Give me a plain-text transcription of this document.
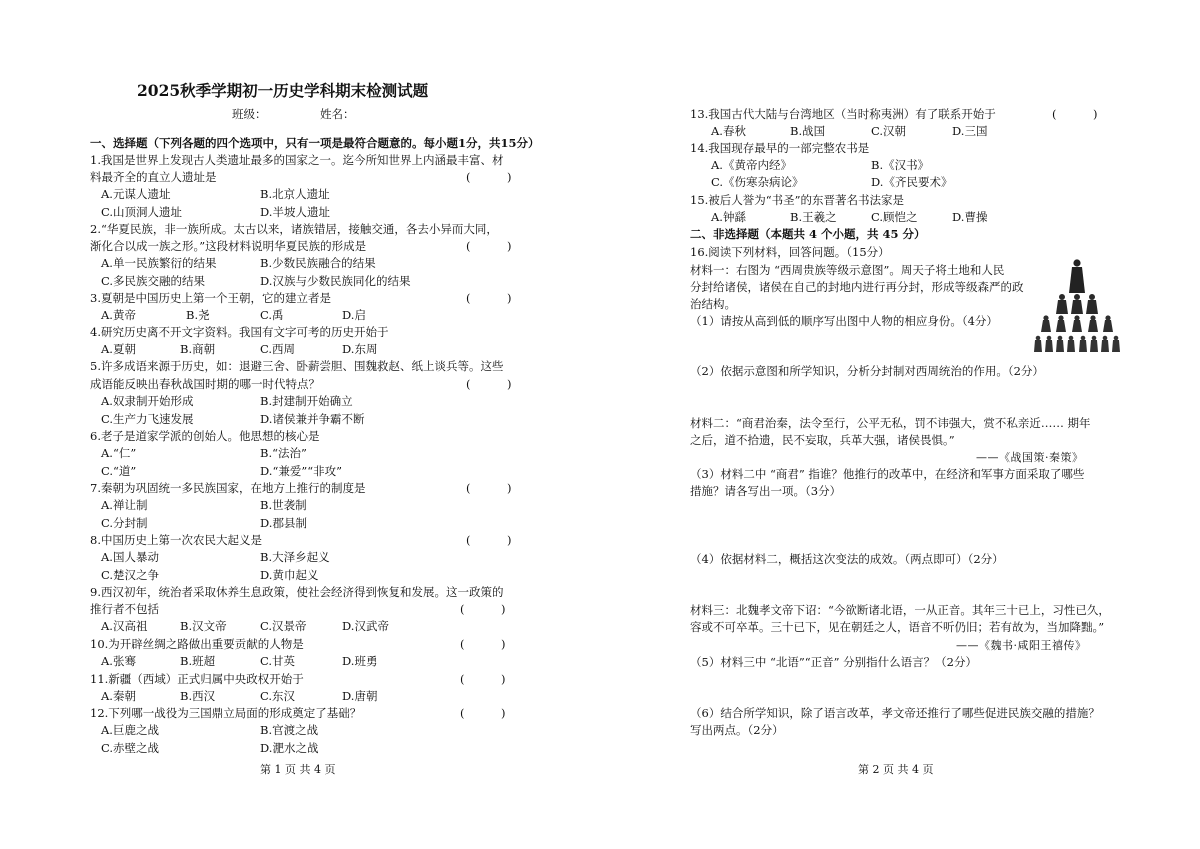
2025秋季学期初一历史学科期末检测试题
班级：	姓名：
一、选择题（下列各题的四个选项中，只有一项是最符合题意的。每小题1分，共15分）
1.我国是世界上发现古人类遗址最多的国家之一。迄今所知世界上内涵最丰富、材
料最齐全的直立人遗址是	(          )
A.元谋人遗址	B.北京人遗址
C.山顶洞人遗址	D.半坡人遗址
2.“华夏民族，非一族所成。太古以来，诸族错居，接触交通，各去小异而大同，
渐化合以成一族之形。”这段材料说明华夏民族的形成是	(          )
A.单一民族繁衍的结果	B.少数民族融合的结果
C.多民族交融的结果	D.汉族与少数民族同化的结果
3.夏朝是中国历史上第一个王朝，它的建立者是	(          )
A.黄帝	B.尧	C.禹	D.启
4.研究历史离不开文字资料。我国有文字可考的历史开始于
A.夏朝	B.商朝	C.西周	D.东周
5.许多成语来源于历史，如：退避三舍、卧薪尝胆、围魏救赵、纸上谈兵等。这些
成语能反映出春秋战国时期的哪一时代特点？	(          )
A.奴隶制开始形成	B.封建制开始确立
C.生产力飞速发展	D.诸侯兼并争霸不断
6.老子是道家学派的创始人。他思想的核心是
A.“仁”	B.“法治”
C.“道”	D.“兼爱”“非攻”
7.秦朝为巩固统一多民族国家，在地方上推行的制度是	(          )
A.禅让制	B.世袭制
C.分封制	D.郡县制
8.中国历史上第一次农民大起义是	(          )
A.国人暴动	B.大泽乡起义
C.楚汉之争	D.黄巾起义
9.西汉初年，统治者采取休养生息政策，使社会经济得到恢复和发展。这一政策的
推行者不包括	(          )
A.汉高祖	B.汉文帝	C.汉景帝	D.汉武帝
10.为开辟丝绸之路做出重要贡献的人物是	(          )
A.张骞	B.班超	C.甘英	D.班勇
11.新疆（西域）正式归属中央政权开始于	(          )
A.秦朝	B.西汉	C.东汉	D.唐朝
12.下列哪一战役为三国鼎立局面的形成奠定了基础？	(          )
A.巨鹿之战	B.官渡之战
C.赤壁之战	D.淝水之战
第 1 页 共 4 页
13.我国古代大陆与台湾地区（当时称夷洲）有了联系开始于	(          )
A.春秋	B.战国	C.汉朝	D.三国
14.我国现存最早的一部完整农书是
A.《黄帝内经》	B.《汉书》
C.《伤寒杂病论》	D.《齐民要术》
15.被后人誉为“书圣”的东晋著名书法家是
A.钟繇	B.王羲之	C.顾恺之	D.曹操
二、非选择题（本题共 4 个小题，共 45 分）
16.阅读下列材料，回答问题。（15分）
材料一：右图为 “西周贵族等级示意图”。周天子将土地和人民
分封给诸侯，诸侯在自己的封地内进行再分封，形成等级森严的政
治结构。
（1）请按从高到低的顺序写出图中人物的相应身份。（4分）
（2）依据示意图和所学知识，分析分封制对西周统治的作用。（2分）
材料二：“商君治秦，法令至行，公平无私，罚不讳强大，赏不私亲近…… 期年
之后，道不拾遗，民不妄取，兵革大强，诸侯畏惧。”
——《战国策·秦策》
（3）材料二中 “商君” 指谁？他推行的改革中，在经济和军事方面采取了哪些
措施？请各写出一项。（3分）
（4）依据材料二，概括这次变法的成效。（两点即可）（2分）
材料三：北魏孝文帝下诏：“今欲断诸北语，一从正音。其年三十已上，习性已久，
容或不可卒革。三十已下，见在朝廷之人，语音不听仍旧；若有故为，当加降黜。”
——《魏书·咸阳王禧传》
（5）材料三中 “北语”“正音” 分别指什么语言？（2分）
（6）结合所学知识，除了语言改革，孝文帝还推行了哪些促进民族交融的措施？
写出两点。（2分）
第 2 页 共 4 页
